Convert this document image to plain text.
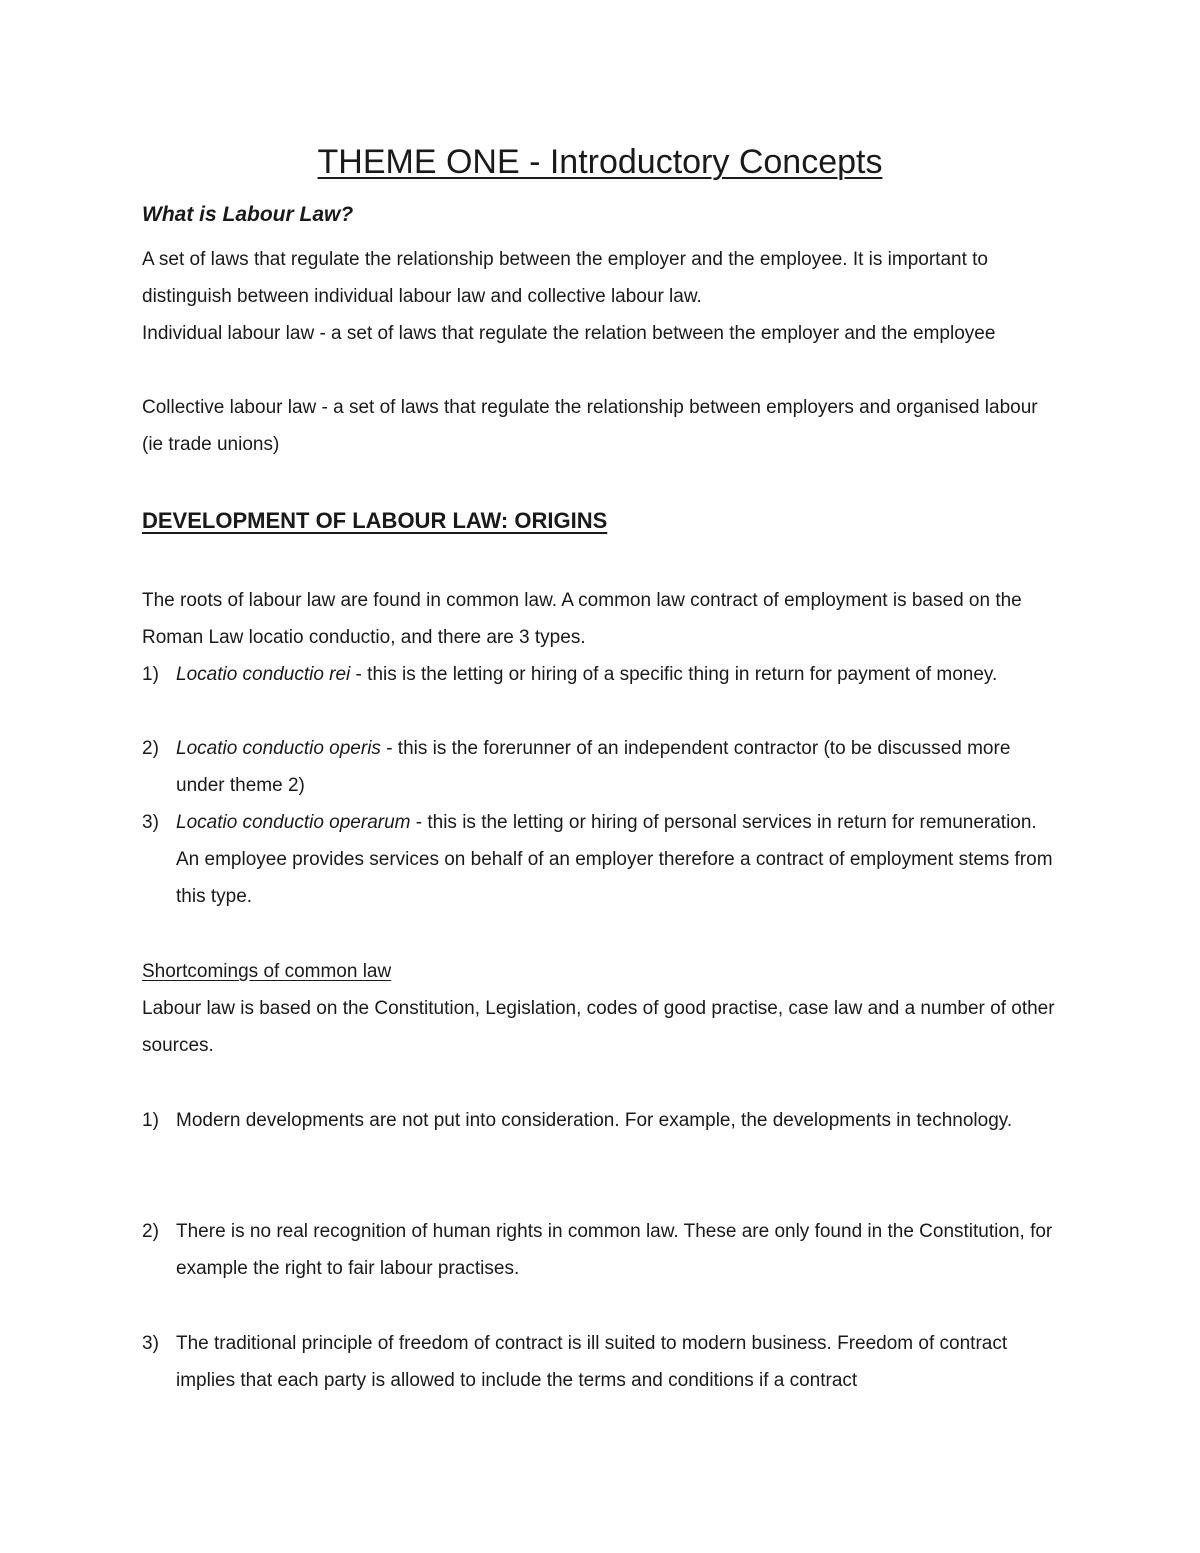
THEME ONE - Introductory Concepts
What is Labour Law?

A set of laws that regulate the relationship between the employer and the employee. It is important to distinguish between individual labour law and collective labour law.

Individual labour law - a set of laws that regulate the relation between the employer and the employee

Collective labour law - a set of laws that regulate the relationship between employers and organised labour (ie trade unions)

DEVELOPMENT OF LABOUR LAW: ORIGINS

The roots of labour law are found in common law. A common law contract of employment is based on the Roman Law locatio conductio, and there are 3 types.

1) Locatio conductio rei - this is the letting or hiring of a specific thing in return for payment of money.
2) Locatio conductio operis - this is the forerunner of an independent contractor (to be discussed more under theme 2)
3) Locatio conductio operarum - this is the letting or hiring of personal services in return for remuneration. An employee provides services on behalf of an employer therefore a contract of employment stems from this type.

Shortcomings of common law

Labour law is based on the Constitution, Legislation, codes of good practise, case law and a number of other sources.

1) Modern developments are not put into consideration. For example, the developments in technology.
2) There is no real recognition of human rights in common law. These are only found in the Constitution, for example the right to fair labour practises.
3) The traditional principle of freedom of contract is ill suited to modern business. Freedom of contract implies that each party is allowed to include the terms and conditions if a contract
